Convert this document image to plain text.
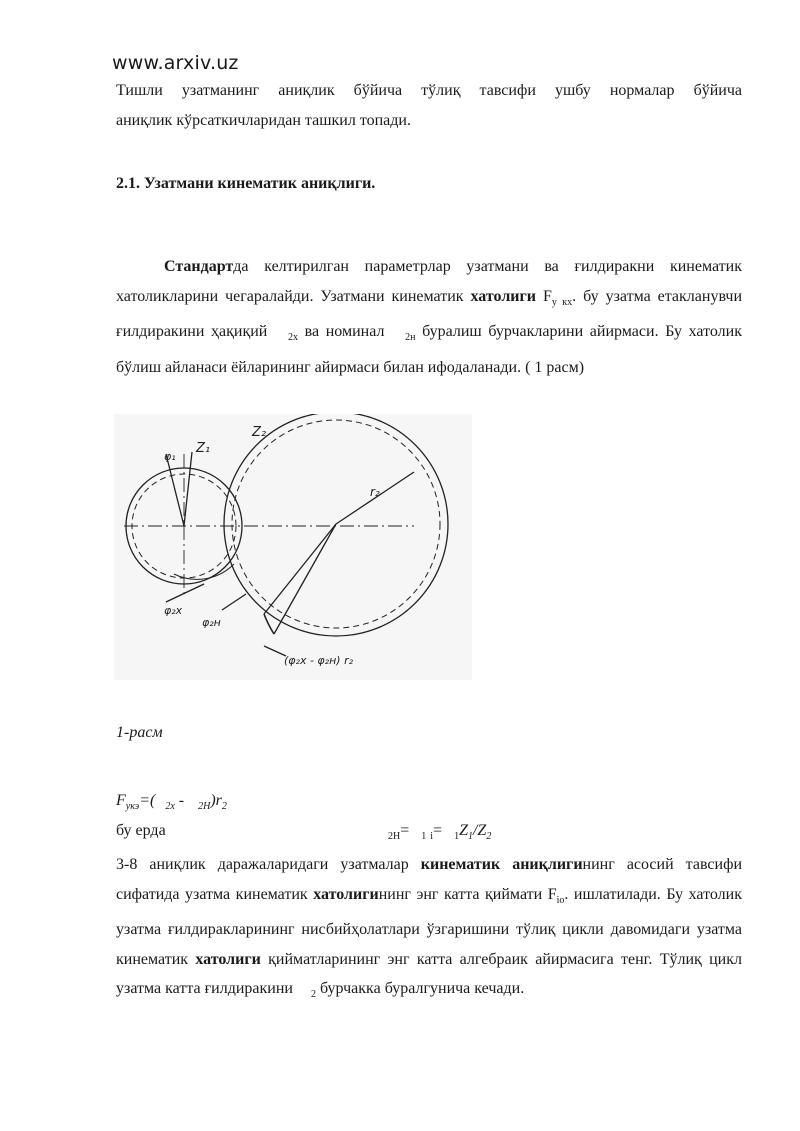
www.arxiv.uz

Тишли узатманинг аниқлик бўйича тўлиқ тавсифи ушбу нормалар бўйича

аниқлик кўрсаткичларидан ташкил топади.

2.1. Узатмани кинематик аниқлиги.

Стандартда келтирилган параметрлар узатмани ва ғилдиракни кинематик хатоликларини чегаралайди. Узатмани кинематик хатолиги $F_{у кх}$. бу узатма етакланувчи ғилдиракини ҳақиқий $_{2х}$ ва номинал $_{2н}$ буралиш бурчакларини айирмаси. Бу хатолик бўлиш айланаси ёйларининг айирмаси билан ифодаланади. ( 1 расм)

Z₁
Z₂
r₂
φ₁
φ₂x
φ₂н
(φ₂x - φ₂н) r₂
1-расм
$F_{укэ}=$( $_{2х} - _{2Н})r_2$
бу ерда	$_{2Н}$= $_1$ $_i= _1Z_1/Z_2$

3-8 аниқлик даражаларидаги узатмалар кинематик аниқлигининг асосий тавсифи сифатида узатма кинематик хатолигининг энг катта қиймати $F_{iо}$. ишлатилади. Бу хатолик узатма ғилдиракларининг нисбийҳолатлари ўзгаришини тўлиқ цикли давомидаги узатма кинематик хатолиги қийматларининг энг катта алгебраик айирмасига тенг. Тўлиқ цикл узатма катта ғилдиракини $_2$ бурчакка буралгунича кечади.
